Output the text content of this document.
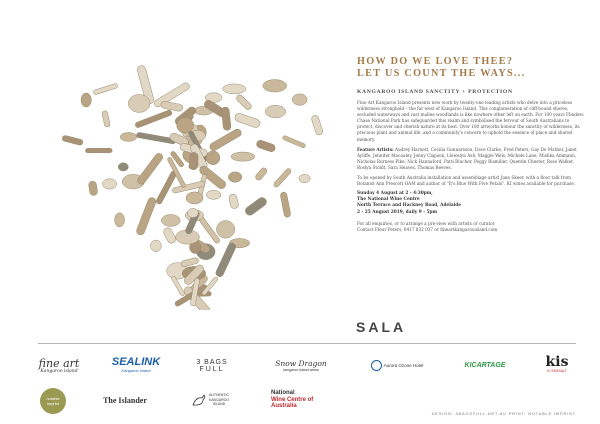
HOW DO WE LOVE THEE?
LET US COUNT THE WAYS...
KANGAROO ISLAND SANCTITY + PROTECTION

Fine Art Kangaroo Island presents new work by twenty-one leading artists who delve into a priceless wilderness stronghold – the far west of Kangaroo Island. This conglomeration of cliff-bound shores, secluded waterways and vast mallee woodlands is like nowhere other left on earth. For 100 years Flinders Chase National Park has safeguarded this realm and symbolised the fervour of South Australians to protect, discover and cherish nature at its best. Over 100 artworks honour the sanctity of wilderness, its precious plant and animal life, and a community's concern to uphold the essence of place and shared memory.

Feature Artists: Audrey Harnett, Cecilia Gunnarsson, Dave Clarke, Fred Peters, Gay De Mather, Janet Ayliffe, Jennifer Macauley, Jenny Clapson, Llewelyn Ash, Maggie Wels, Michele Lane, Mishka Ammann, Nicholas Burness Pike, Nick Hannaford, Patti Blucher, Peggy Rismiller, Quentin Chester, Rose Walker, Roslyn Stoldt, Sara Heaves, Thomas Reeves.

To be opened by South Australia installation and assemblage artist Jane Skeer, with a floor talk from Botanist Ann Prescott OAM and author of "It's Blue With Five Petals". KI wines available for purchase.

Sunday 4 August at 2 - 4:30pm,
The National Wine Centre
North Terrace and Hackney Road, Adelaide
2 - 25 August 2019, daily 9 - 5pm

For all enquiries, or to arrange a pre-view with artists or curator
Contact Fleur Peters, 0417 832 037 or fineartkangarooisland.com

SALA
fine art
Kangaroo island
SEALINK
Kangaroo Island
3 BAGS
FULL
Snow Dragon
kangaroo island wines
Aurora Ozone Hotel	KICARTAGE	kis
KI SEASALT
notable
imprint	The Islander
AUTHENTIC
KANGAROO
ISLAND
National
Wine Centre of
Australia
DESIGN: 3BAGSFULL.NET.AU PRINT: NOTABLE IMPRINT
